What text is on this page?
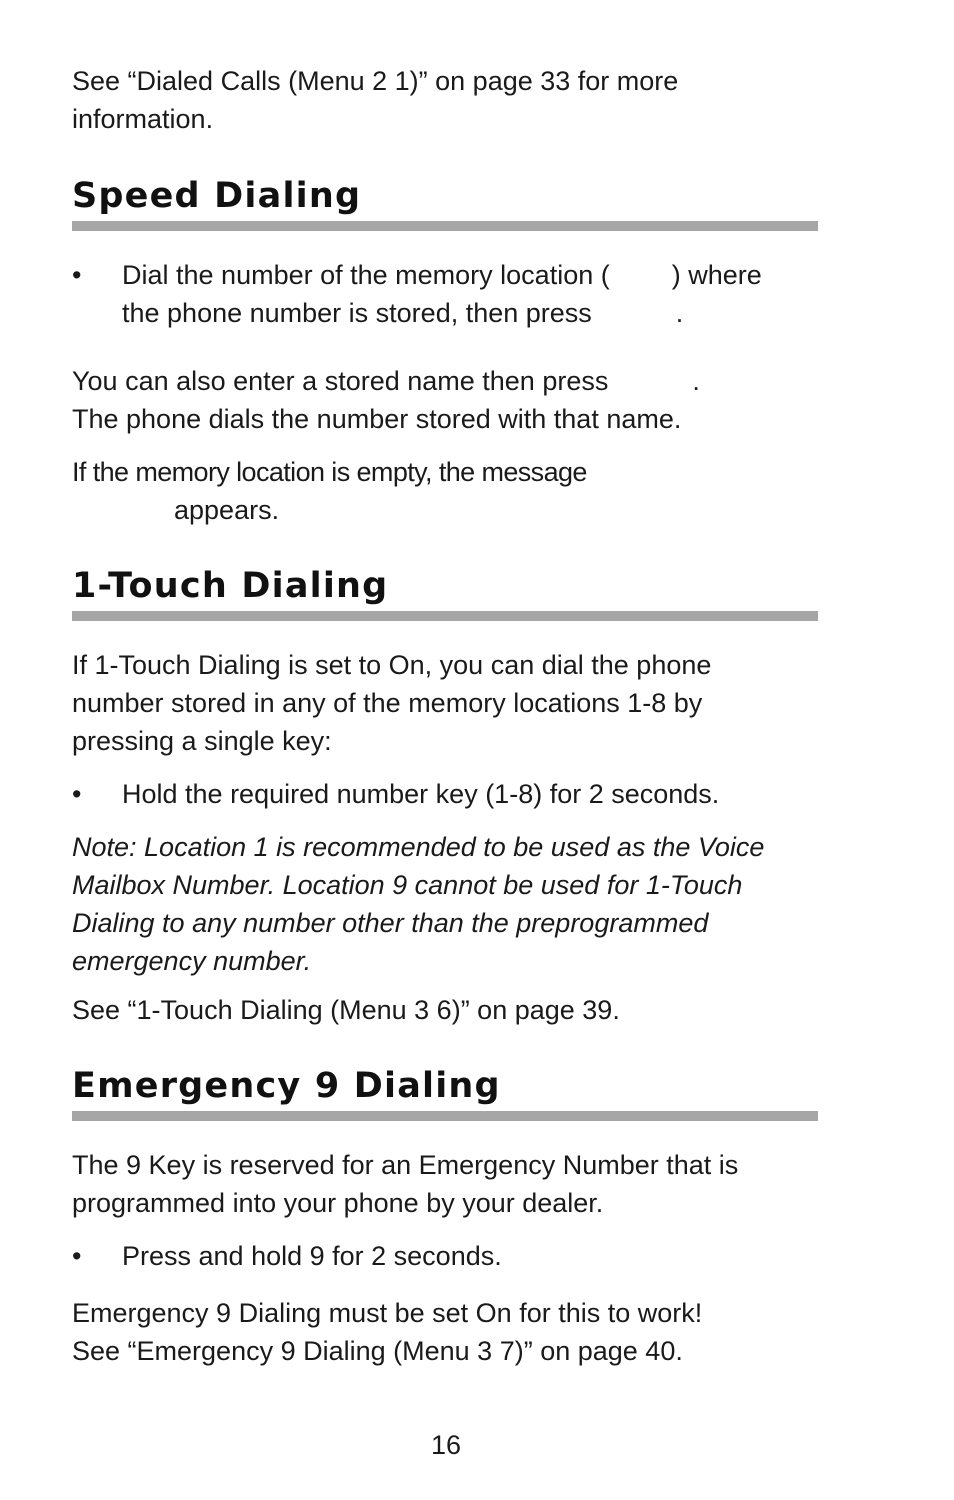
See “Dialed Calls (Menu 2 1)” on page 33 for more
information.
Speed Dialing
• Dial the number of the memory location ( ) where
the phone number is stored, then press	.
You can also enter a stored name then press	.
The phone dials the number stored with that name.
If the memory location is empty, the message
appears.
1-Touch Dialing
If 1-Touch Dialing is set to On, you can dial the phone
number stored in any of the memory locations 1-8 by
pressing a single key:
• Hold the required number key (1-8) for 2 seconds.
Note: Location 1 is recommended to be used as the Voice
Mailbox Number. Location 9 cannot be used for 1-Touch
Dialing to any number other than the preprogrammed
emergency number.
See “1-Touch Dialing (Menu 3 6)” on page 39.
Emergency 9 Dialing
The 9 Key is reserved for an Emergency Number that is
programmed into your phone by your dealer.
• Press and hold 9 for 2 seconds.
Emergency 9 Dialing must be set On for this to work!
See “Emergency 9 Dialing (Menu 3 7)” on page 40.
16
